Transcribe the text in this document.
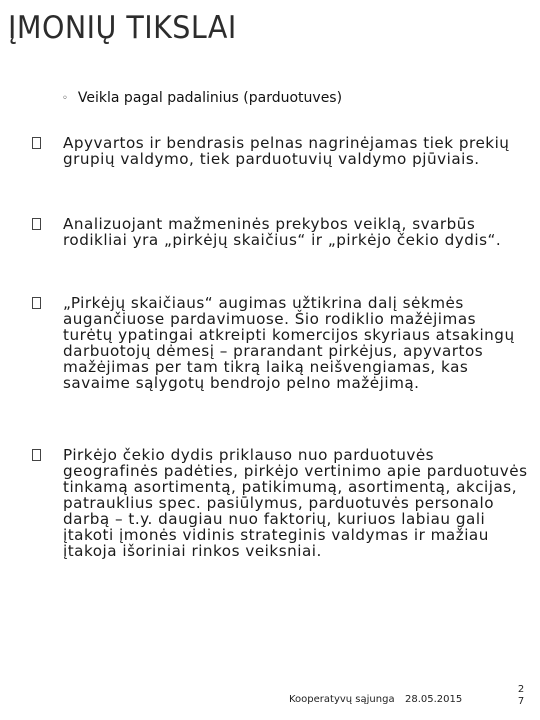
ĮMONIŲ TIKSLAI
◦ Veikla pagal padalinius (parduotuves)
Apyvartos ir bendrasis pelnas nagrinėjamas tiek prekių grupių valdymo, tiek parduotuvių valdymo pjūviais.
Analizuojant mažmeninės prekybos veiklą, svarbūs rodikliai yra „pirkėjų skaičius“ ir „pirkėjo čekio dydis“.
„Pirkėjų skaičiaus“ augimas užtikrina dalį sėkmės augančiuose pardavimuose. Šio rodiklio mažėjimas turėtų ypatingai atkreipti komercijos skyriaus atsakingų darbuotojų dėmesį – prarandant pirkėjus, apyvartos mažėjimas per tam tikrą laiką neišvengiamas, kas savaime sąlygotų bendrojo pelno mažėjimą.
Pirkėjo čekio dydis priklauso nuo parduotuvės geografinės padėties, pirkėjo vertinimo apie parduotuvės tinkamą asortimentą, patikimumą, asortimentą, akcijas, patrauklius spec. pasiūlymus, parduotuvės personalo darbą – t.y. daugiau nuo faktorių, kuriuos labiau gali įtakoti įmonės vidinis strateginis valdymas ir mažiau įtakoja išoriniai rinkos veiksniai.
Kooperatyvų sąjunga 28.05.2015
27
